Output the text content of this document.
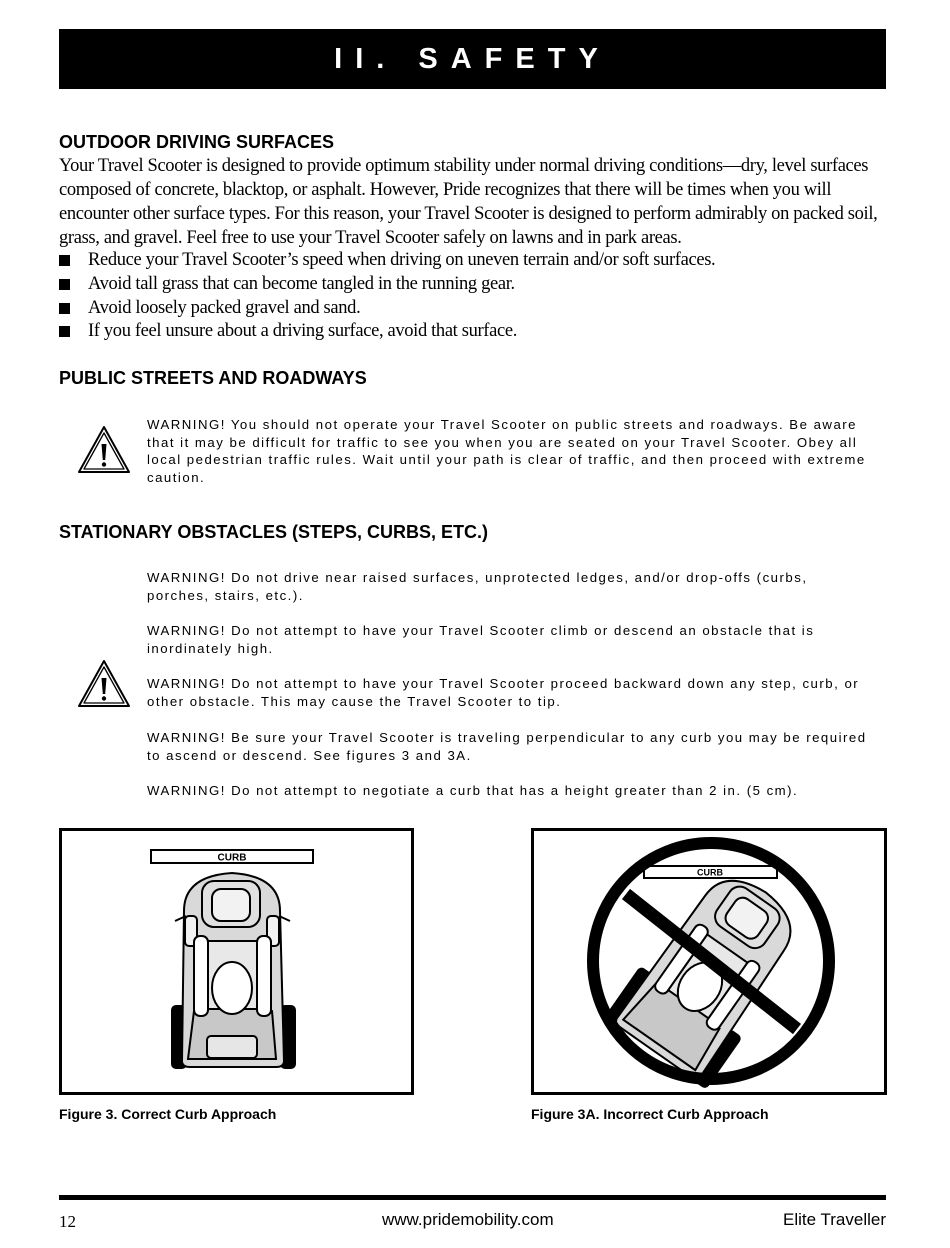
II. SAFETY
OUTDOOR DRIVING SURFACES

Your Travel Scooter is designed to provide optimum stability under normal driving conditions—dry, level surfaces composed of concrete, blacktop, or asphalt. However, Pride recognizes that there will be times when you will encounter other surface types. For this reason, your Travel Scooter is designed to perform admirably on packed soil, grass, and gravel. Feel free to use your Travel Scooter safely on lawns and in park areas.

Reduce your Travel Scooter’s speed when driving on uneven terrain and/or soft surfaces.
Avoid tall grass that can become tangled in the running gear.
Avoid loosely packed gravel and sand.
If you feel unsure about a driving surface, avoid that surface.
PUBLIC STREETS AND ROADWAYS

WARNING! You should not operate your Travel Scooter on public streets and roadways. Be aware that it may be difficult for traffic to see you when you are seated on your Travel Scooter. Obey all local pedestrian traffic rules. Wait until your path is clear of traffic, and then proceed with extreme caution.

STATIONARY OBSTACLES (STEPS, CURBS, ETC.)

WARNING! Do not drive near raised surfaces, unprotected ledges, and/or drop-offs (curbs, porches, stairs, etc.).

WARNING! Do not attempt to have your Travel Scooter climb or descend an obstacle that is inordinately high.

WARNING! Do not attempt to have your Travel Scooter proceed backward down any step, curb, or other obstacle. This may cause the Travel Scooter to tip.

WARNING! Be sure your Travel Scooter is traveling perpendicular to any curb you may be required to ascend or descend. See figures 3 and 3A.

WARNING! Do not attempt to negotiate a curb that has a height greater than 2 in. (5 cm).

CURB

Figure 3. Correct Curb Approach

CURB

Figure 3A. Incorrect Curb Approach

12	www.pridemobility.com	Elite Traveller
